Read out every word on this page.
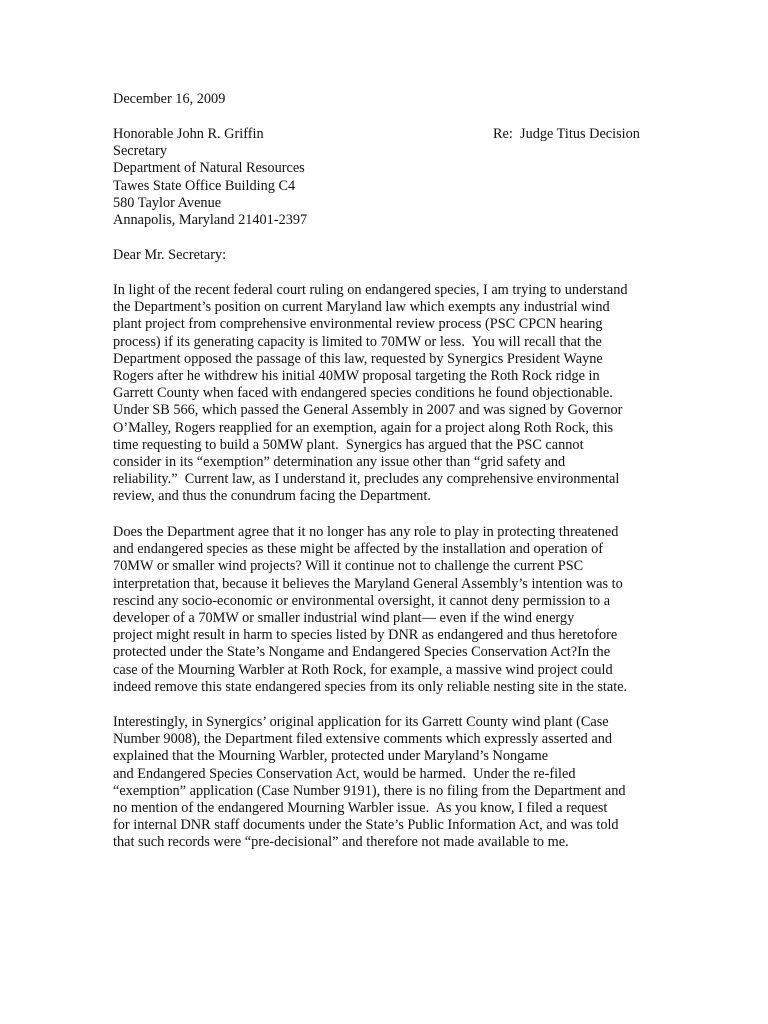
December 16, 2009
Honorable John R. Griffin
Secretary
Department of Natural Resources
Tawes State Office Building C4
580 Taylor Avenue
Annapolis, Maryland 21401-2397
Re:  Judge Titus Decision
Dear Mr. Secretary:
In light of the recent federal court ruling on endangered species, I am trying to understand
the Department’s position on current Maryland law which exempts any industrial wind
plant project from comprehensive environmental review process (PSC CPCN hearing
process) if its generating capacity is limited to 70MW or less.  You will recall that the
Department opposed the passage of this law, requested by Synergics President Wayne
Rogers after he withdrew his initial 40MW proposal targeting the Roth Rock ridge in
Garrett County when faced with endangered species conditions he found objectionable.
Under SB 566, which passed the General Assembly in 2007 and was signed by Governor
O’Malley, Rogers reapplied for an exemption, again for a project along Roth Rock, this
time requesting to build a 50MW plant.  Synergics has argued that the PSC cannot
consider in its “exemption” determination any issue other than “grid safety and
reliability.”  Current law, as I understand it, precludes any comprehensive environmental
review, and thus the conundrum facing the Department.
Does the Department agree that it no longer has any role to play in protecting threatened
and endangered species as these might be affected by the installation and operation of
70MW or smaller wind projects? Will it continue not to challenge the current PSC
interpretation that, because it believes the Maryland General Assembly’s intention was to
rescind any socio-economic or environmental oversight, it cannot deny permission to a
developer of a 70MW or smaller industrial wind plant— even if the wind energy
project might result in harm to species listed by DNR as endangered and thus heretofore
protected under the State’s Nongame and Endangered Species Conservation Act?In the
case of the Mourning Warbler at Roth Rock, for example, a massive wind project could
indeed remove this state endangered species from its only reliable nesting site in the state.
Interestingly, in Synergics’ original application for its Garrett County wind plant (Case
Number 9008), the Department filed extensive comments which expressly asserted and
explained that the Mourning Warbler, protected under Maryland’s Nongame
and Endangered Species Conservation Act, would be harmed.  Under the re-filed
“exemption” application (Case Number 9191), there is no filing from the Department and
no mention of the endangered Mourning Warbler issue.  As you know, I filed a request
for internal DNR staff documents under the State’s Public Information Act, and was told
that such records were “pre-decisional” and therefore not made available to me.
